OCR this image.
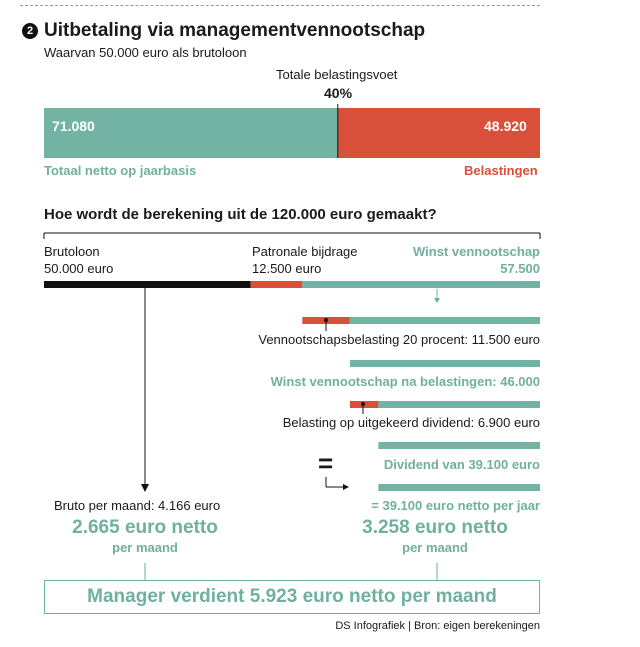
2 Uitbetaling via managementvennootschap
Waarvan 50.000 euro als brutoloon
Totale belastingsvoet
40%
71.080	48.920
Totaal netto op jaarbasis	Belastingen
Hoe wordt de berekening uit de 120.000 euro gemaakt?
Brutoloon
50.000 euro
Patronale bijdrage
12.500 euro
Winst vennootschap
57.500
Vennootschapsbelasting 20 procent: 11.500 euro
Winst vennootschap na belastingen: 46.000
Belasting op uitgekeerd dividend: 6.900 euro
Dividend van 39.100 euro
= 39.100 euro netto per jaar
=
Bruto per maand: 4.166 euro
2.665 euro netto
per maand
3.258 euro netto
per maand
Manager verdient 5.923 euro netto per maand
DS Infografiek | Bron: eigen berekeningen
